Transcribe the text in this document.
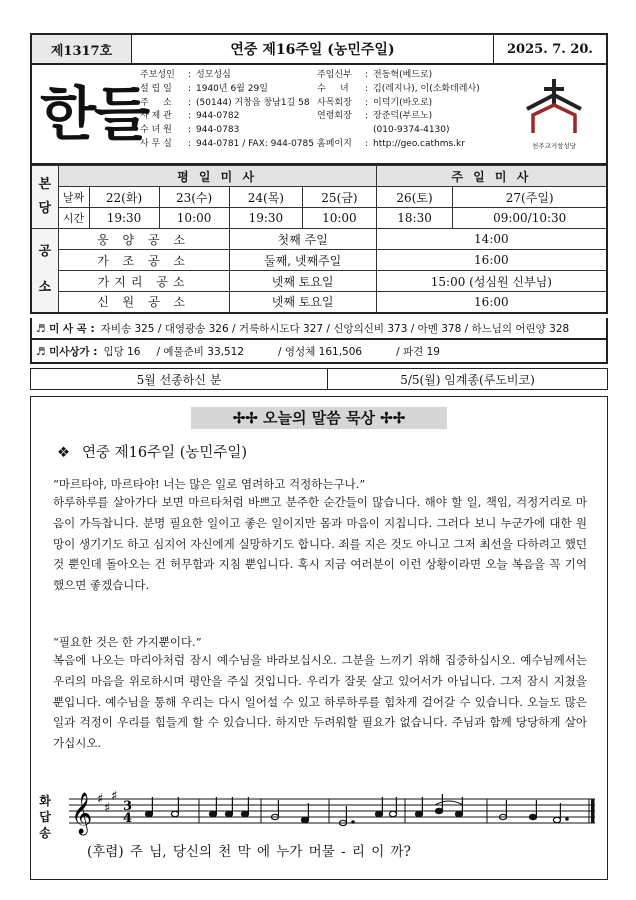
제1317호	연중 제16주일 (농민주일)	2025. 7. 20.
한들
주보성인 : 성모성심
설 립 일 : 1940년 6월 29일
주     소 : (50144) 거창읍 창남1길 58
사 제 관 : 944-0782
수 녀 원 : 944-0783
사 무 실 : 944-0781 / FAX: 944-0785
주임신부 : 전동혁(베드로)
수     녀 : 김(레지나), 이(소화데레사)
사목회장 : 이덕기(바오로)
연령회장 : 장준덕(부르노)
(010-9374-4130)
홈페이지 : http://geo.cathms.kr	천주교거창성당
본당	평 일 미 사					주 일 미 사	
	날짜	22(화)	23(수)	24(목)	25(금)	26(토)	27(주일)
	시간	19:30	10:00	19:30	10:00	18:30	09:00/10:30
공소	웅 양 공 소			첫째 주일		14:00	
	가 조 공 소			둘째, 넷째주일		16:00	
	가지리 공소			넷째 토요일		15:00 (성심원 신부님)	
	신 원 공 소			넷째 토요일		16:00	
♬ 미 사 곡 : 자비송 325 / 대영광송 326 / 거룩하시도다 327 / 신앙의신비 373 / 아멘 378 / 하느님의 어린양 328
♬ 미사상가 : 입당 16 / 예물준비 33,512	/ 영성체 161,506	/ 파견 19
5월 선종하신 분	5/5(월) 임계종(루도비코)
✢✢ 오늘의 말씀 묵상 ✢✢
❖ 연중 제16주일 (농민주일)
“마르타야, 마르타야! 너는 많은 일로 염려하고 걱정하는구나.”
하루하루를 살아가다 보면 마르타처럼 바쁘고 분주한 순간들이 많습니다. 해야 할 일, 책임, 걱정거리로 마음이 가득찹니다. 분명 필요한 일이고 좋은 일이지만 몸과 마음이 지칩니다. 그러다 보니 누군가에 대한 원망이 생기기도 하고 심지어 자신에게 실망하기도 합니다. 죄를 지은 것도 아니고 그저 최선을 다하려고 했던 것 뿐인데 돌아오는 건 허무함과 지침 뿐입니다. 혹시 지금 여러분이 이런 상황이라면 오늘 복음을 꼭 기억했으면 좋겠습니다.
“필요한 것은 한 가지뿐이다.”
복음에 나오는 마리아처럼 잠시 예수님을 바라보십시오. 그분을 느끼기 위해 집중하십시오. 예수님께서는 우리의 마음을 위로하시며 평안을 주실 것입니다. 우리가 잘못 살고 있어서가 아닙니다. 그저 잠시 지쳤을 뿐입니다. 예수님을 통해 우리는 다시 일어설 수 있고 하루하루를 힘차게 걸어갈 수 있습니다. 오늘도 많은 일과 걱정이 우리를 힘들게 할 수 있습니다. 하지만 두려워할 필요가 없습니다. 주님과 함께 당당하게 살아가십시오.
화
답
송 𝄞 ♯
♯
♯
3
4
(후렴) 주 님, 당신의 천 막 에 누가 머물 - 리 이 까?
